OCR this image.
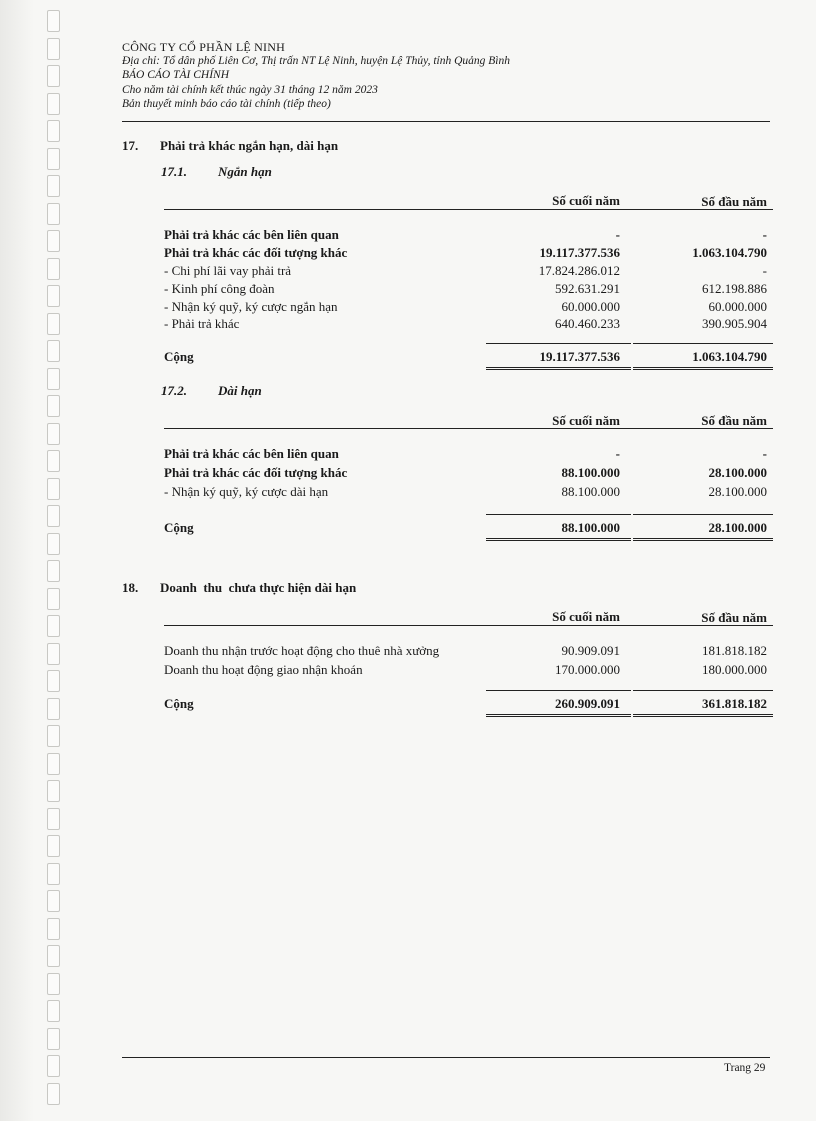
CÔNG TY CỔ PHẦN LỆ NINH
Địa chỉ: Tổ dân phố Liên Cơ, Thị trấn NT Lệ Ninh, huyện Lệ Thủy, tỉnh Quảng Bình
BÁO CÁO TÀI CHÍNH
Cho năm tài chính kết thúc ngày 31 tháng 12 năm 2023
Bản thuyết minh báo cáo tài chính (tiếp theo)
17. Phải trả khác ngắn hạn, dài hạn
17.1. Ngắn hạn
Số cuối năm	Số đầu năm
Phải trả khác các bên liên quan	-	-
Phải trả khác các đối tượng khác	19.117.377.536	1.063.104.790
- Chi phí lãi vay phải trả	17.824.286.012	-
- Kinh phí công đoàn	592.631.291	612.198.886
- Nhận ký quỹ, ký cược ngắn hạn	60.000.000	60.000.000
- Phải trả khác	640.460.233	390.905.904
Cộng	19.117.377.536	1.063.104.790
17.2. Dài hạn
Số cuối năm	Số đầu năm
Phải trả khác các bên liên quan	-	-
Phải trả khác các đối tượng khác	88.100.000	28.100.000
- Nhận ký quỹ, ký cược dài hạn	88.100.000	28.100.000
Cộng	88.100.000	28.100.000
18. Doanh  thu  chưa thực hiện dài hạn
Số cuối năm	Số đầu năm
Doanh thu nhận trước hoạt động cho thuê nhà xưởng	90.909.091	181.818.182
Doanh thu hoạt động giao nhận khoán	170.000.000	180.000.000
Cộng	260.909.091	361.818.182
Trang 29
